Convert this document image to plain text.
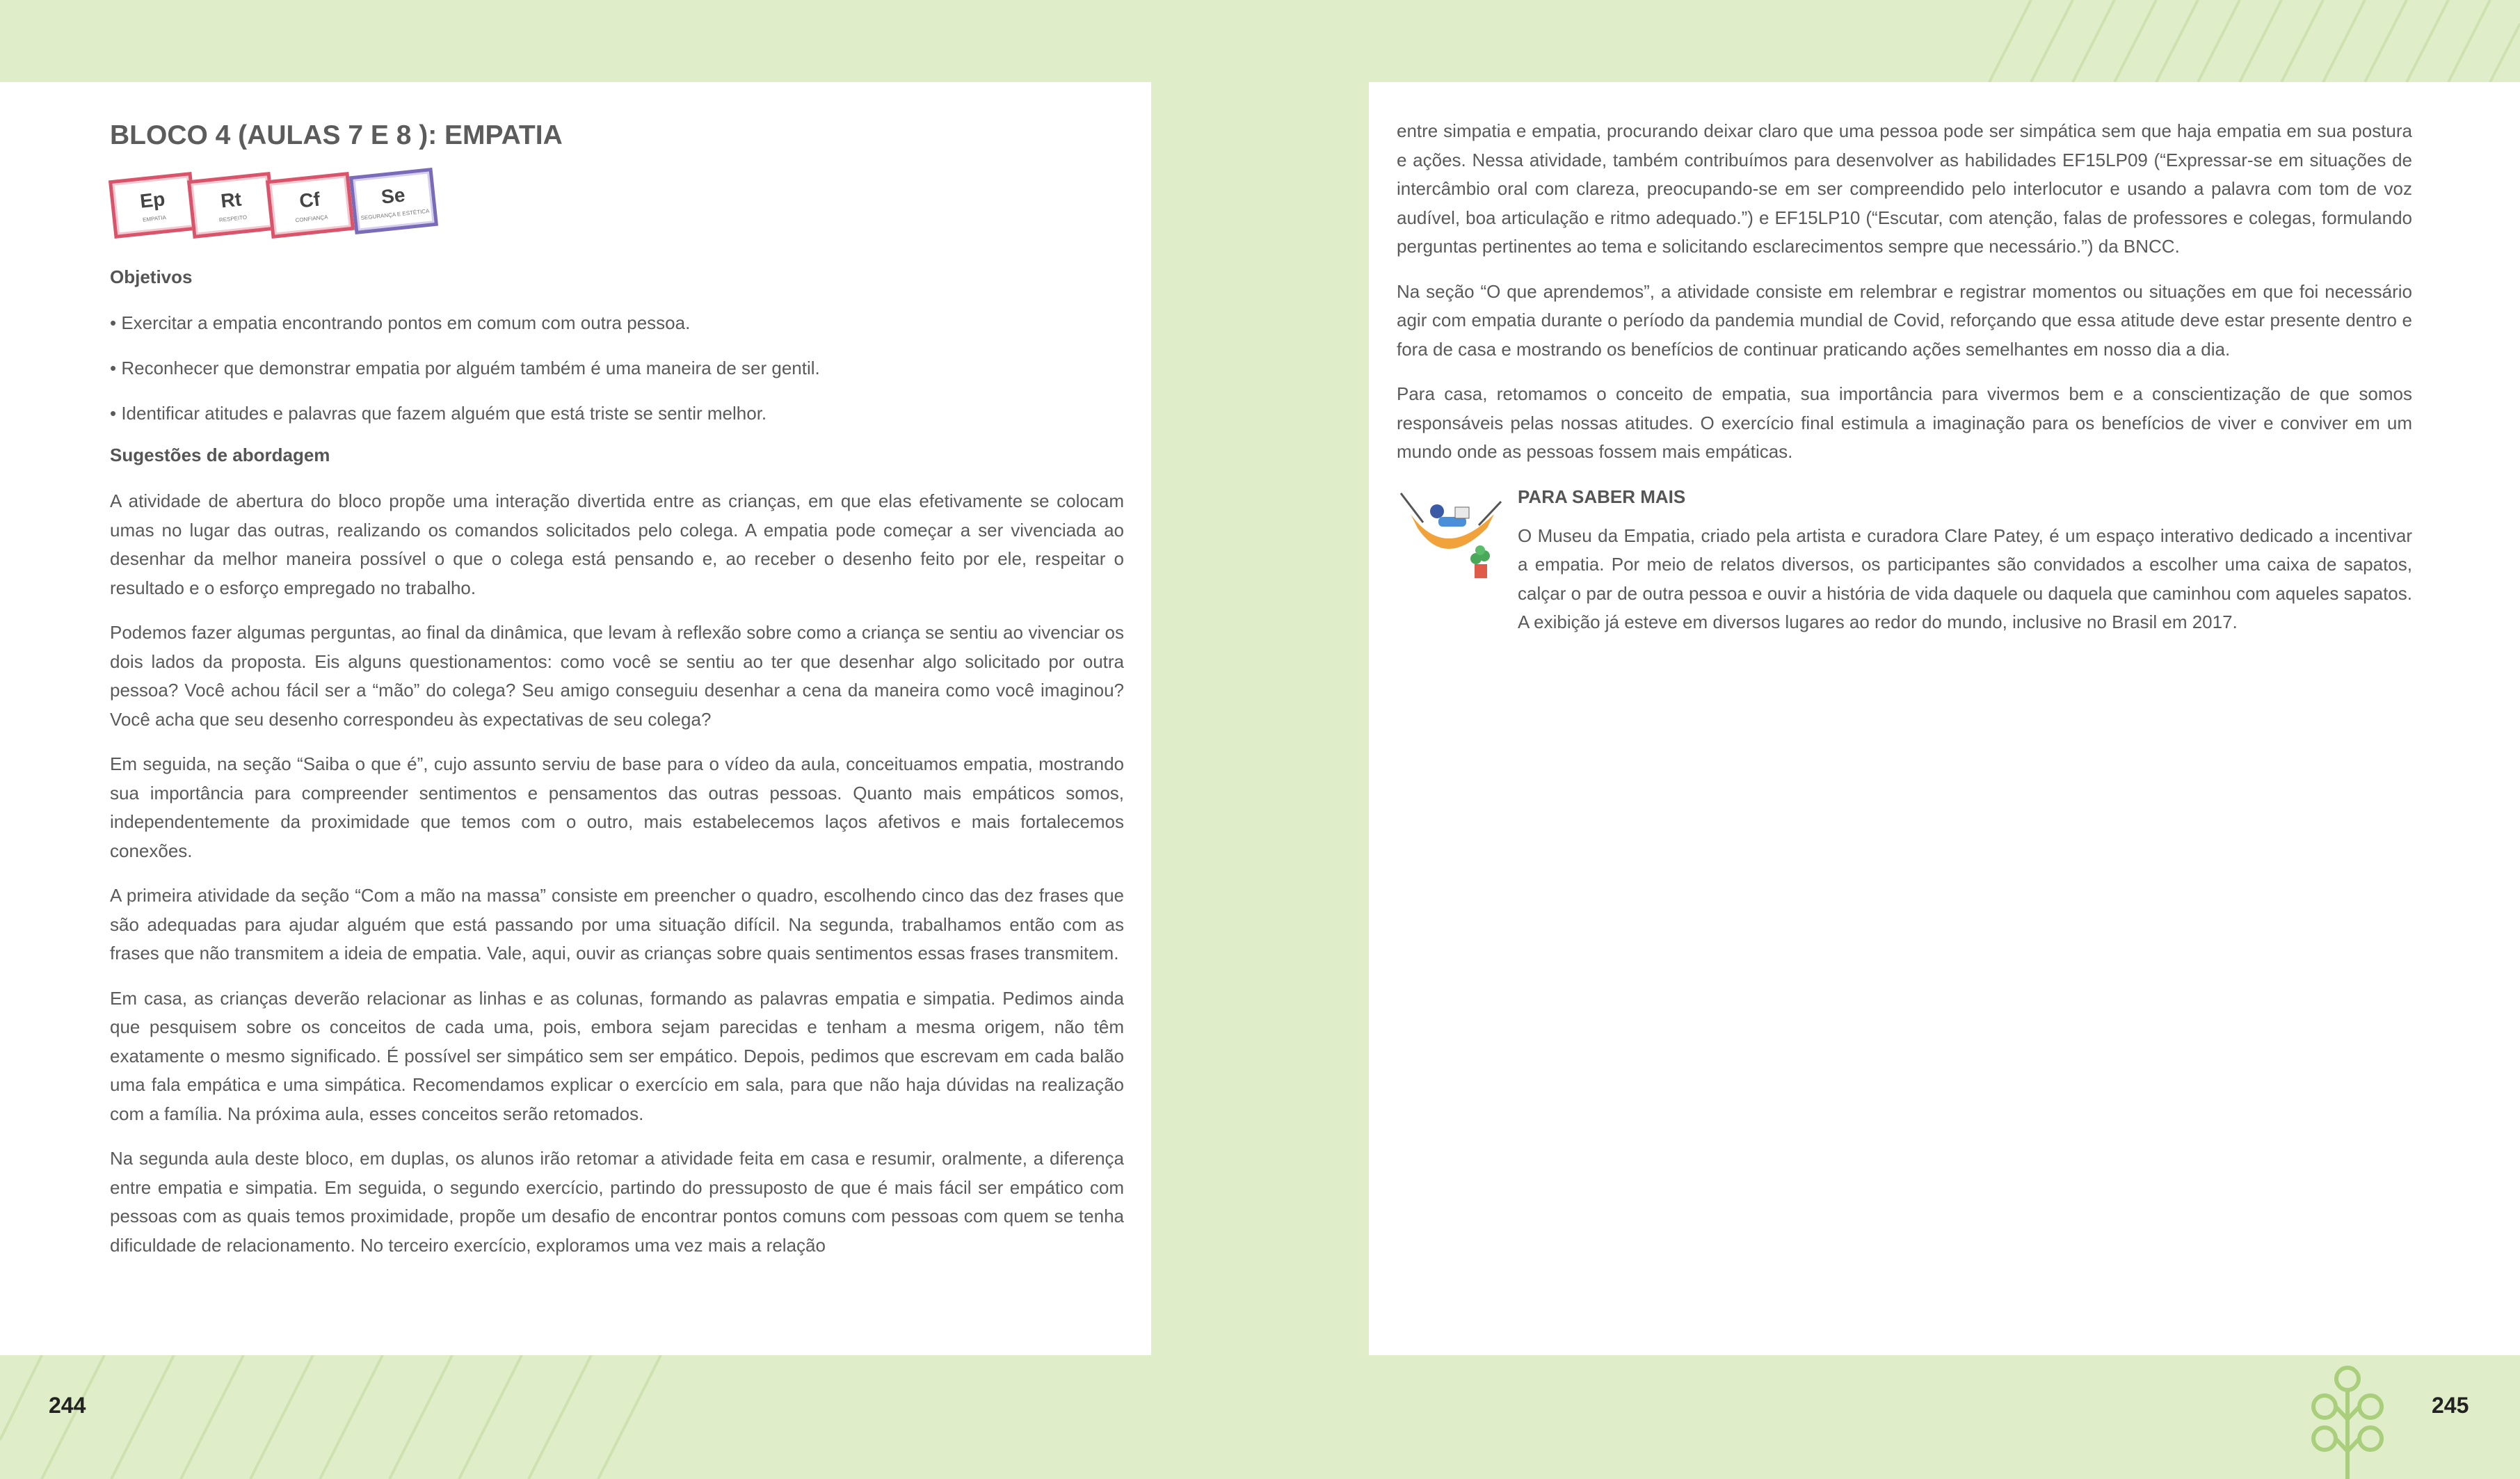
BLOCO 4 (AULAS 7 E 8 ): EMPATIA
Ep
EMPATIA
Rt
RESPEITO
Cf
CONFIANÇA
Se
SEGURANÇA E ESTÉTICA
Objetivos
• Exercitar a empatia encontrando pontos em comum com outra pessoa.
• Reconhecer que demonstrar empatia por alguém também é uma maneira de ser gentil.
• Identificar atitudes e palavras que fazem alguém que está triste se sentir melhor.
Sugestões de abordagem

A atividade de abertura do bloco propõe uma interação divertida entre as crianças, em que elas efetivamente se colocam umas no lugar das outras, realizando os comandos solicitados pelo colega. A empatia pode começar a ser vivenciada ao desenhar da melhor maneira possível o que o colega está pensando e, ao receber o desenho feito por ele, respeitar o resultado e o esforço empregado no trabalho.

Podemos fazer algumas perguntas, ao final da dinâmica, que levam à reflexão sobre como a criança se sentiu ao vivenciar os dois lados da proposta. Eis alguns questionamentos: como você se sentiu ao ter que desenhar algo solicitado por outra pessoa? Você achou fácil ser a “mão” do colega? Seu amigo conseguiu desenhar a cena da maneira como você imaginou? Você acha que seu desenho correspondeu às expectativas de seu colega?

Em seguida, na seção “Saiba o que é”, cujo assunto serviu de base para o vídeo da aula, conceituamos empatia, mostrando sua importância para compreender sentimentos e pensamentos das outras pessoas. Quanto mais empáticos somos, independentemente da proximidade que temos com o outro, mais estabelecemos laços afetivos e mais fortalecemos conexões.

A primeira atividade da seção “Com a mão na massa” consiste em preencher o quadro, escolhendo cinco das dez frases que são adequadas para ajudar alguém que está passando por uma situação difícil. Na segunda, trabalhamos então com as frases que não transmitem a ideia de empatia. Vale, aqui, ouvir as crianças sobre quais sentimentos essas frases transmitem.

Em casa, as crianças deverão relacionar as linhas e as colunas, formando as palavras empatia e simpatia. Pedimos ainda que pesquisem sobre os conceitos de cada uma, pois, embora sejam parecidas e tenham a mesma origem, não têm exatamente o mesmo significado. É possível ser simpático sem ser empático. Depois, pedimos que escrevam em cada balão uma fala empática e uma simpática. Recomendamos explicar o exercício em sala, para que não haja dúvidas na realização com a família. Na próxima aula, esses conceitos serão retomados.

Na segunda aula deste bloco, em duplas, os alunos irão retomar a atividade feita em casa e resumir, oralmente, a diferença entre empatia e simpatia. Em seguida, o segundo exercício, partindo do pressuposto de que é mais fácil ser empático com pessoas com as quais temos proximidade, propõe um desafio de encontrar pontos comuns com pessoas com quem se tenha dificuldade de relacionamento. No terceiro exercício, exploramos uma vez mais a relação

entre simpatia e empatia, procurando deixar claro que uma pessoa pode ser simpática sem que haja empatia em sua postura e ações. Nessa atividade, também contribuímos para desenvolver as habilidades EF15LP09 (“Expressar-se em situações de intercâmbio oral com clareza, preocupando-se em ser compreendido pelo interlocutor e usando a palavra com tom de voz audível, boa articulação e ritmo adequado.”) e EF15LP10 (“Escutar, com atenção, falas de professores e colegas, formulando perguntas pertinentes ao tema e solicitando esclarecimentos sempre que necessário.”) da BNCC.

Na seção “O que aprendemos”, a atividade consiste em relembrar e registrar momentos ou situações em que foi necessário agir com empatia durante o período da pandemia mundial de Covid, reforçando que essa atitude deve estar presente dentro e fora de casa e mostrando os benefícios de continuar praticando ações semelhantes em nosso dia a dia.

Para casa, retomamos o conceito de empatia, sua importância para vivermos bem e a conscientização de que somos responsáveis pelas nossas atitudes. O exercício final estimula a imaginação para os benefícios de viver e conviver em um mundo onde as pessoas fossem mais empáticas.

PARA SABER MAIS

O Museu da Empatia, criado pela artista e curadora Clare Patey, é um espaço interativo dedicado a incentivar a empatia. Por meio de relatos diversos, os participantes são convidados a escolher uma caixa de sapatos, calçar o par de outra pessoa e ouvir a história de vida daquele ou daquela que caminhou com aqueles sapatos. A exibição já esteve em diversos lugares ao redor do mundo, inclusive no Brasil em 2017.

244	245
